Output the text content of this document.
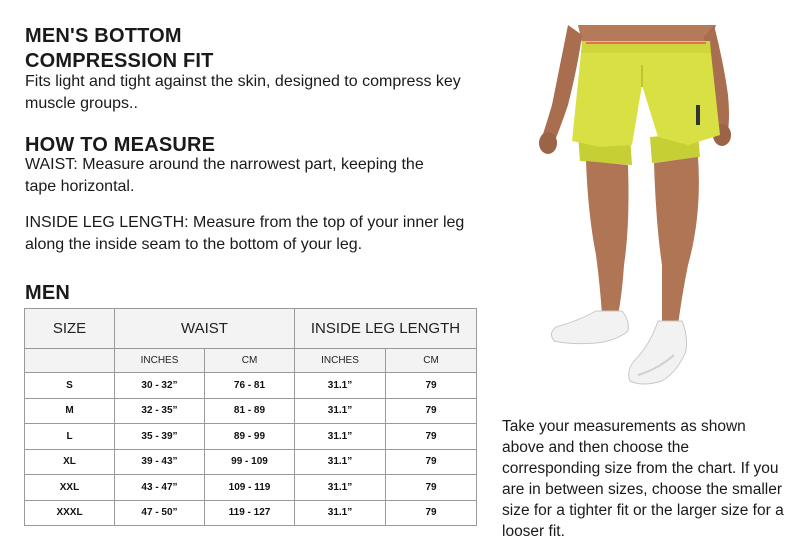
MEN'S BOTTOM
COMPRESSION FIT
Fits light and tight against the skin, designed to compress key muscle groups..
HOW TO MEASURE
WAIST: Measure around the narrowest part, keeping the tape horizontal.
INSIDE LEG LENGTH: Measure from the top of your inner leg along the inside seam to the bottom of your leg.
MEN
SIZE	WAIST		INSIDE LEG LENGTH	
	INCHES	CM	INCHES	CM
S	30 - 32”	76 - 81	31.1”	79
M	32 - 35”	81 - 89	31.1”	79
L	35 - 39”	89 - 99	31.1”	79
XL	39 - 43”	99 - 109	31.1”	79
XXL	43 - 47”	109 - 119	31.1”	79
XXXL	47 - 50”	119 - 127	31.1”	79
Take your measurements as shown above and then choose the corresponding size from the chart. If you are in between sizes, choose the smaller size for a tighter fit or the larger size for a looser fit.
